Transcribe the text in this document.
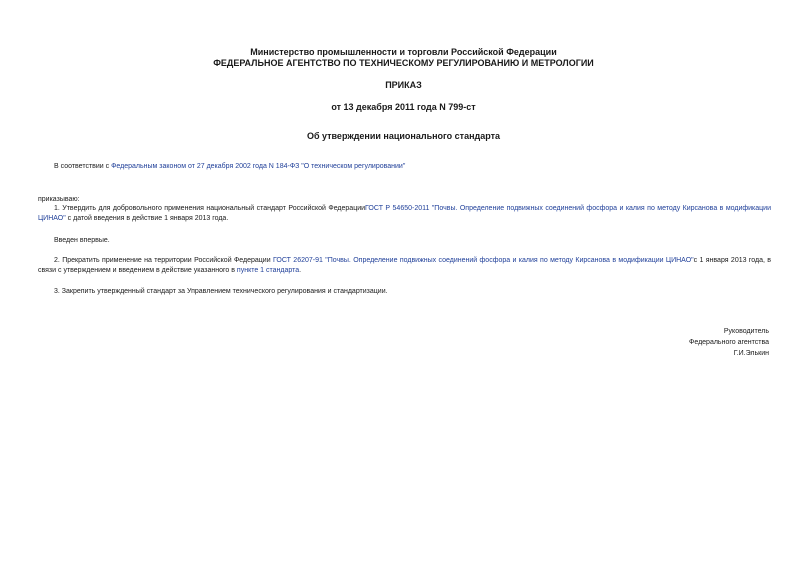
Министерство промышленности и торговли Российской Федерации
ФЕДЕРАЛЬНОЕ АГЕНТСТВО ПО ТЕХНИЧЕСКОМУ РЕГУЛИРОВАНИЮ И МЕТРОЛОГИИ
ПРИКАЗ
от 13 декабря 2011 года N 799-ст
Об утверждении национального стандарта
В соответствии с Федеральным законом от 27 декабря 2002 года N 184-ФЗ "О техническом регулировании"
приказываю:
1. Утвердить для добровольного применения национальный стандарт Российской ФедерацииГОСТ Р 54650-2011 "Почвы. Определение подвижных соединений фосфора и калия по методу Кирсанова в модификации ЦИНАО" с датой введения в действие 1 января 2013 года.
Введен впервые.
2. Прекратить применение на территории Российской Федерации ГОСТ 26207-91 "Почвы. Определение подвижных соединений фосфора и калия по методу Кирсанова в модификации ЦИНАО"с 1 января 2013 года, в связи с утверждением и введением в действие указанного в пункте 1 стандарта.
3. Закрепить утвержденный стандарт за Управлением технического регулирования и стандартизации.
Руководитель
Федерального агентства
Г.И.Элькин
